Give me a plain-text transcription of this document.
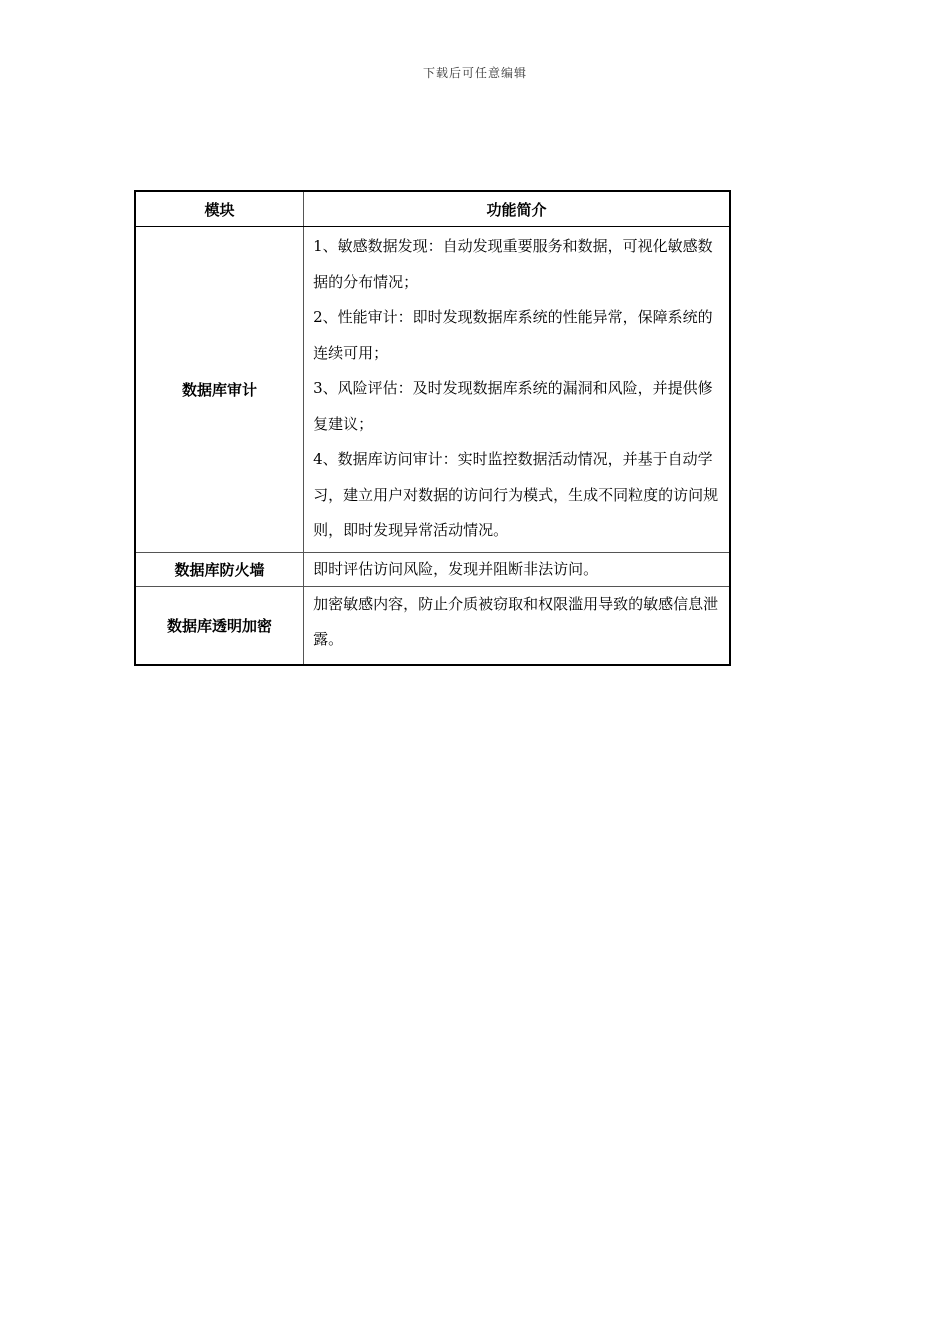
下载后可任意编辑
模块	功能简介
数据库审计	1、敏感数据发现：自动发现重要服务和数据，可视化敏感数据的分布情况；

2、性能审计：即时发现数据库系统的性能异常，保障系统的连续可用；

3、风险评估：及时发现数据库系统的漏洞和风险，并提供修复建议；

4、数据库访问审计：实时监控数据活动情况，并基于自动学习，建立用户对数据的访问行为模式，生成不同粒度的访问规则，即时发现异常活动情况。

数据库防火墙	即时评估访问风险，发现并阻断非法访问。

数据库透明加密	加密敏感内容，防止介质被窃取和权限滥用导致的敏感信息泄露。
